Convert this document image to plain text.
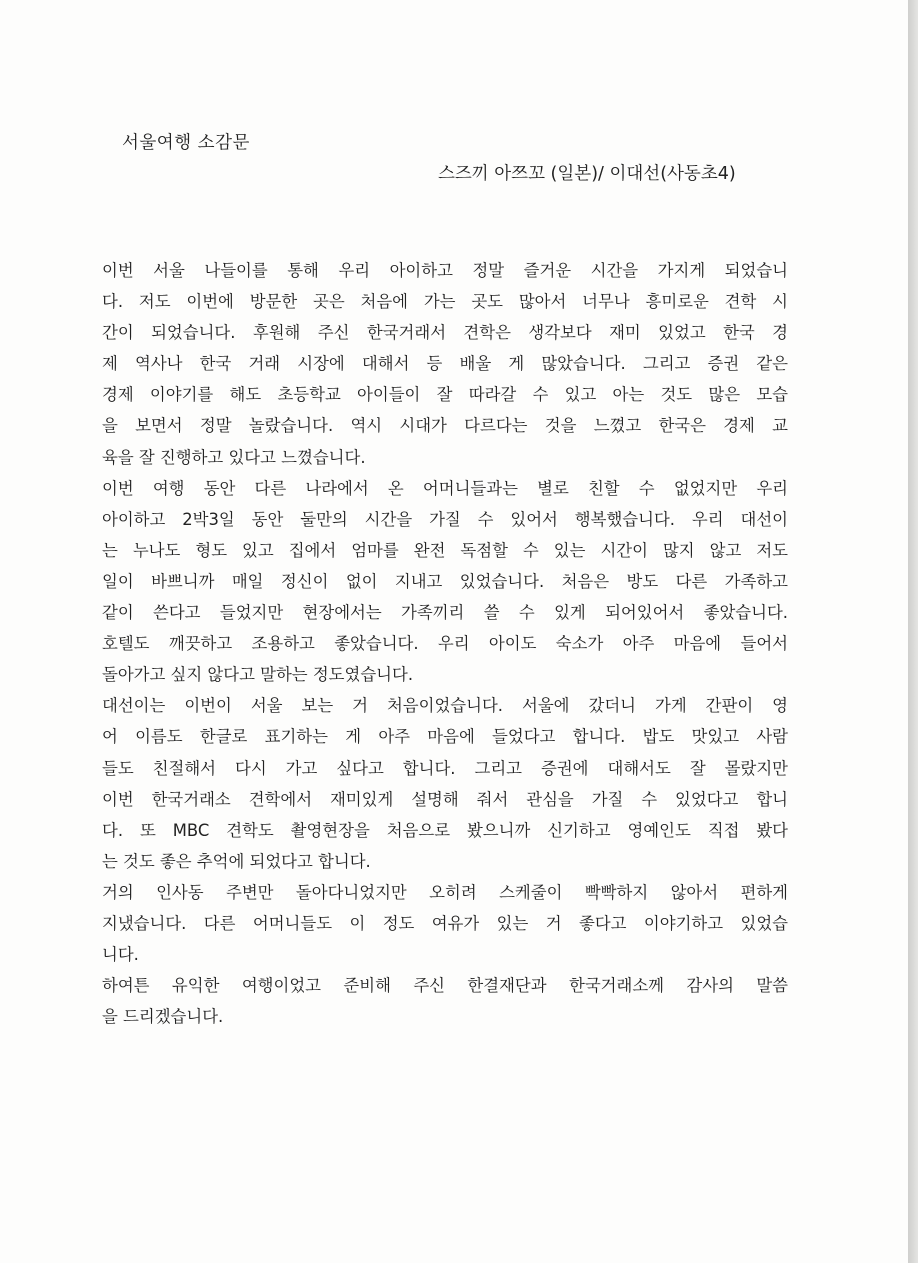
서울여행 소감문
스즈끼 아쯔꼬 (일본)/ 이대선(사동초4)
이번 서울 나들이를 통해 우리 아이하고 정말 즐거운 시간을 가지게 되었습니
다. 저도 이번에 방문한 곳은 처음에 가는 곳도 많아서 너무나 흥미로운 견학 시
간이 되었습니다. 후원해 주신 한국거래서 견학은 생각보다 재미 있었고 한국 경
제 역사나 한국 거래 시장에 대해서 등 배울 게 많았습니다. 그리고 증권 같은
경제 이야기를 해도 초등학교 아이들이 잘 따라갈 수 있고 아는 것도 많은 모습
을 보면서 정말 놀랐습니다. 역시 시대가 다르다는 것을 느꼈고 한국은 경제 교
육을 잘 진행하고 있다고 느꼈습니다.
이번 여행 동안 다른 나라에서 온 어머니들과는 별로 친할 수 없었지만 우리
아이하고 2박3일 동안 둘만의 시간을 가질 수 있어서 행복했습니다. 우리 대선이
는 누나도 형도 있고 집에서 엄마를 완전 독점할 수 있는 시간이 많지 않고 저도
일이 바쁘니까 매일 정신이 없이 지내고 있었습니다. 처음은 방도 다른 가족하고
같이 쓴다고 들었지만 현장에서는 가족끼리 쓸 수 있게 되어있어서 좋았습니다.
호텔도 깨끗하고 조용하고 좋았습니다. 우리 아이도 숙소가 아주 마음에 들어서
돌아가고 싶지 않다고 말하는 정도였습니다.
대선이는 이번이 서울 보는 거 처음이었습니다. 서울에 갔더니 가게 간판이 영
어 이름도 한글로 표기하는 게 아주 마음에 들었다고 합니다. 밥도 맛있고 사람
들도 친절해서 다시 가고 싶다고 합니다. 그리고 증권에 대해서도 잘 몰랐지만
이번 한국거래소 견학에서 재미있게 설명해 줘서 관심을 가질 수 있었다고 합니
다. 또 MBC 견학도 촬영현장을 처음으로 봤으니까 신기하고 영예인도 직접 봤다
는 것도 좋은 추억에 되었다고 합니다.
거의 인사동 주변만 돌아다니었지만 오히려 스케줄이 빡빡하지 않아서 편하게
지냈습니다. 다른 어머니들도 이 정도 여유가 있는 거 좋다고 이야기하고 있었습
니다.
하여튼 유익한 여행이었고 준비해 주신 한결재단과 한국거래소께 감사의 말씀
을 드리겠습니다.
